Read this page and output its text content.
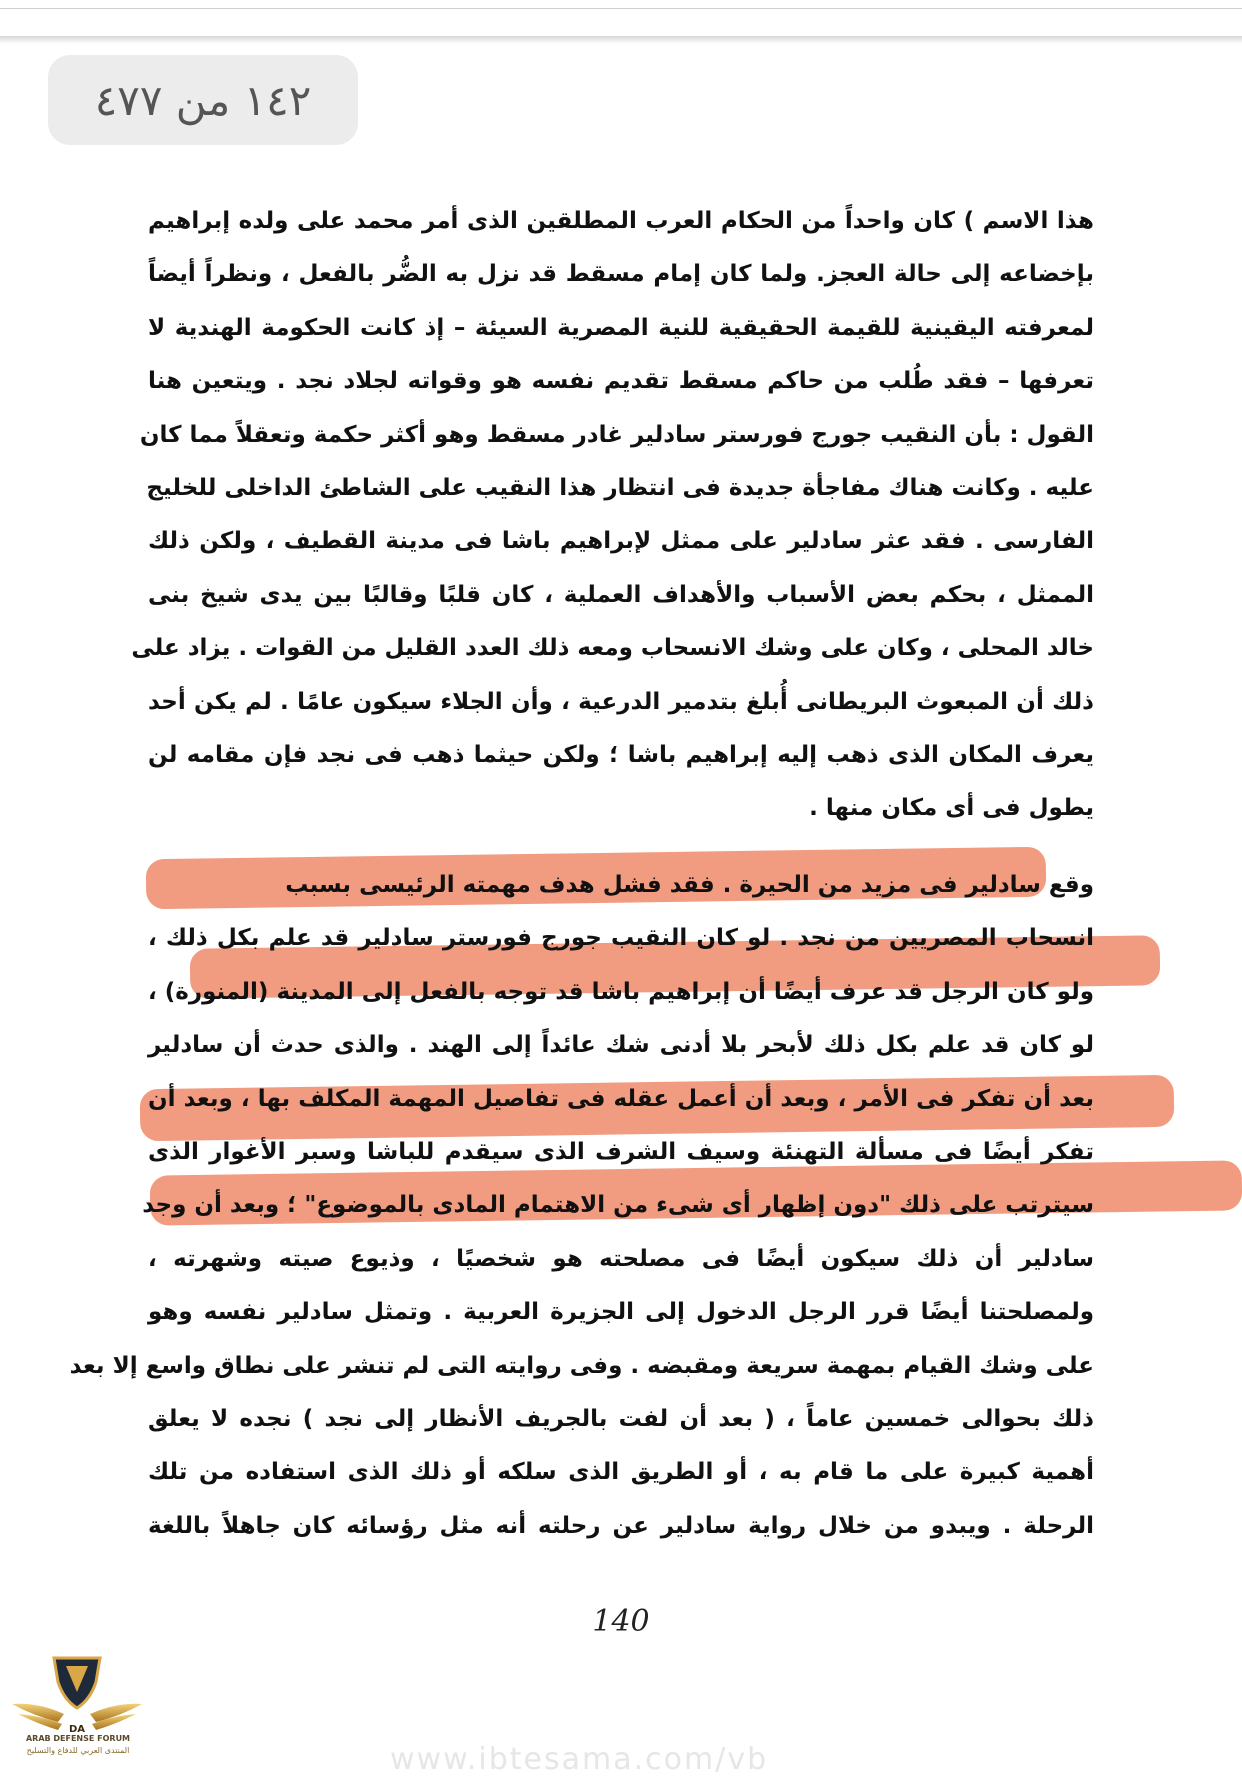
١٤٢ من ٤٧٧
هذا الاسم ) كان واحداً من الحكام العرب المطلقين الذى أمر محمد على ولده إبراهيم
بإخضاعه إلى حالة العجز. ولما كان إمام مسقط قد نزل به الضُّر بالفعل ، ونظراً أيضاً
لمعرفته اليقينية للقيمة الحقيقية للنية المصرية السيئة – إذ كانت الحكومة الهندية لا
تعرفها – فقد طُلب من حاكم مسقط تقديم نفسه هو وقواته لجلاد نجد . ويتعين هنا
القول : بأن النقيب جورج فورستر سادلير غادر مسقط وهو أكثر حكمة وتعقلاً مما كان
عليه . وكانت هناك مفاجأة جديدة فى انتظار هذا النقيب على الشاطئ الداخلى للخليج
الفارسى . فقد عثر سادلير على ممثل لإبراهيم باشا فى مدينة القطيف ، ولكن ذلك
الممثل ، بحكم بعض الأسباب والأهداف العملية ، كان قلبًا وقالبًا بين يدى شيخ بنى
خالد المحلى ، وكان على وشك الانسحاب ومعه ذلك العدد القليل من القوات . يزاد على
ذلك أن المبعوث البريطانى أُبلغ بتدمير الدرعية ، وأن الجلاء سيكون عامًا . لم يكن أحد
يعرف المكان الذى ذهب إليه إبراهيم باشا ؛ ولكن حيثما ذهب فى نجد فإن مقامه لن
يطول فى أى مكان منها .
وقع سادلير فى مزيد من الحيرة . فقد فشل هدف مهمته الرئيسى بسبب
انسحاب المصريين من نجد . لو كان النقيب جورج فورستر سادلير قد علم بكل ذلك ،
ولو كان الرجل قد عرف أيضًا أن إبراهيم باشا قد توجه بالفعل إلى المدينة (المنورة) ،
لو كان قد علم بكل ذلك لأبحر بلا أدنى شك عائداً إلى الهند . والذى حدث أن سادلير
بعد أن تفكر فى الأمر ، وبعد أن أعمل عقله فى تفاصيل المهمة المكلف بها ، وبعد أن
تفكر أيضًا فى مسألة التهنئة وسيف الشرف الذى سيقدم للباشا وسبر الأغوار الذى
سيترتب على ذلك "دون إظهار أى شىء من الاهتمام المادى بالموضوع" ؛ وبعد أن وجد
سادلير أن ذلك سيكون أيضًا فى مصلحته هو شخصيًا ، وذيوع صيته وشهرته ،
ولمصلحتنا أيضًا قرر الرجل الدخول إلى الجزيرة العربية . وتمثل سادلير نفسه وهو
على وشك القيام بمهمة سريعة ومقبضه . وفى روايته التى لم تنشر على نطاق واسع إلا بعد
ذلك بحوالى خمسين عاماً ، ( بعد أن لفت بالجريف الأنظار إلى نجد ) نجده لا يعلق
أهمية كبيرة على ما قام به ، أو الطريق الذى سلكه أو ذلك الذى استفاده من تلك
الرحلة . ويبدو من خلال رواية سادلير عن رحلته أنه مثل رؤسائه كان جاهلاً باللغة
140
DA
ARAB DEFENSE FORUM
المنتدى العربي للدفاع والتسليح	www.ibtesama.com/vb
